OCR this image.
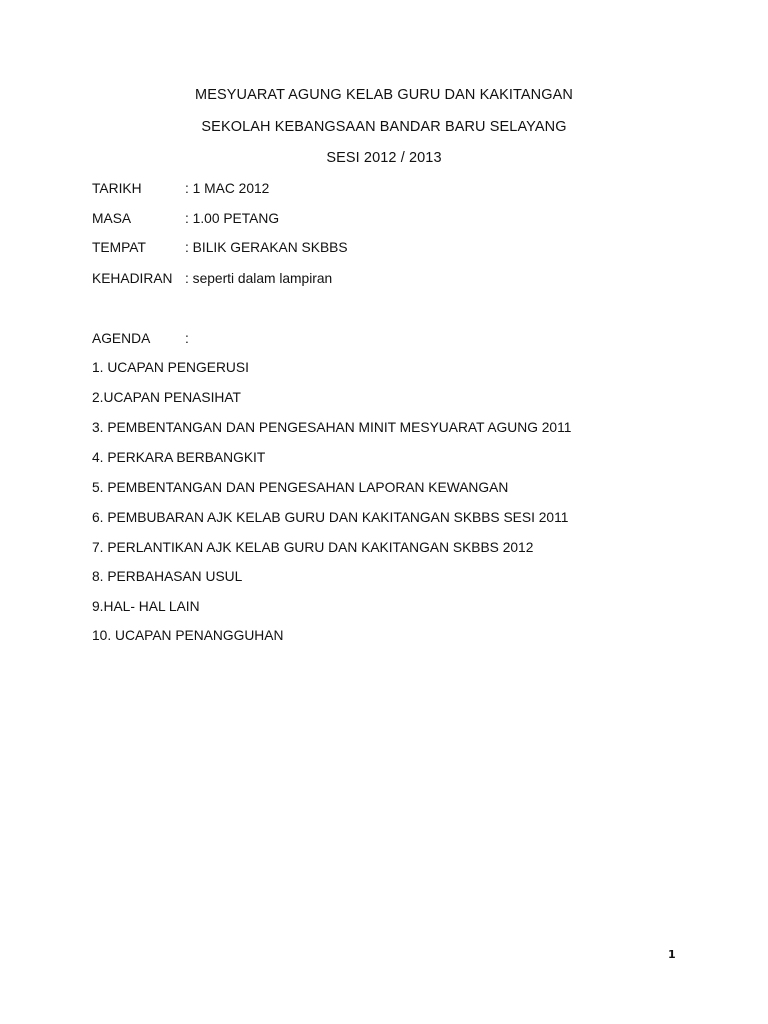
MESYUARAT AGUNG KELAB GURU DAN KAKITANGAN
SEKOLAH KEBANGSAAN BANDAR BARU SELAYANG
SESI 2012 / 2013
TARIKH	: 1 MAC 2012
MASA	: 1.00 PETANG
TEMPAT	: BILIK GERAKAN SKBBS
KEHADIRAN : seperti dalam lampiran
AGENDA	:
1. UCAPAN PENGERUSI
2.UCAPAN PENASIHAT
3. PEMBENTANGAN DAN PENGESAHAN MINIT MESYUARAT AGUNG 2011
4. PERKARA BERBANGKIT
5. PEMBENTANGAN DAN PENGESAHAN LAPORAN KEWANGAN
6. PEMBUBARAN AJK KELAB GURU DAN KAKITANGAN SKBBS SESI 2011
7. PERLANTIKAN AJK KELAB GURU DAN KAKITANGAN SKBBS 2012
8. PERBAHASAN USUL
9.HAL- HAL LAIN
10. UCAPAN PENANGGUHAN
1
